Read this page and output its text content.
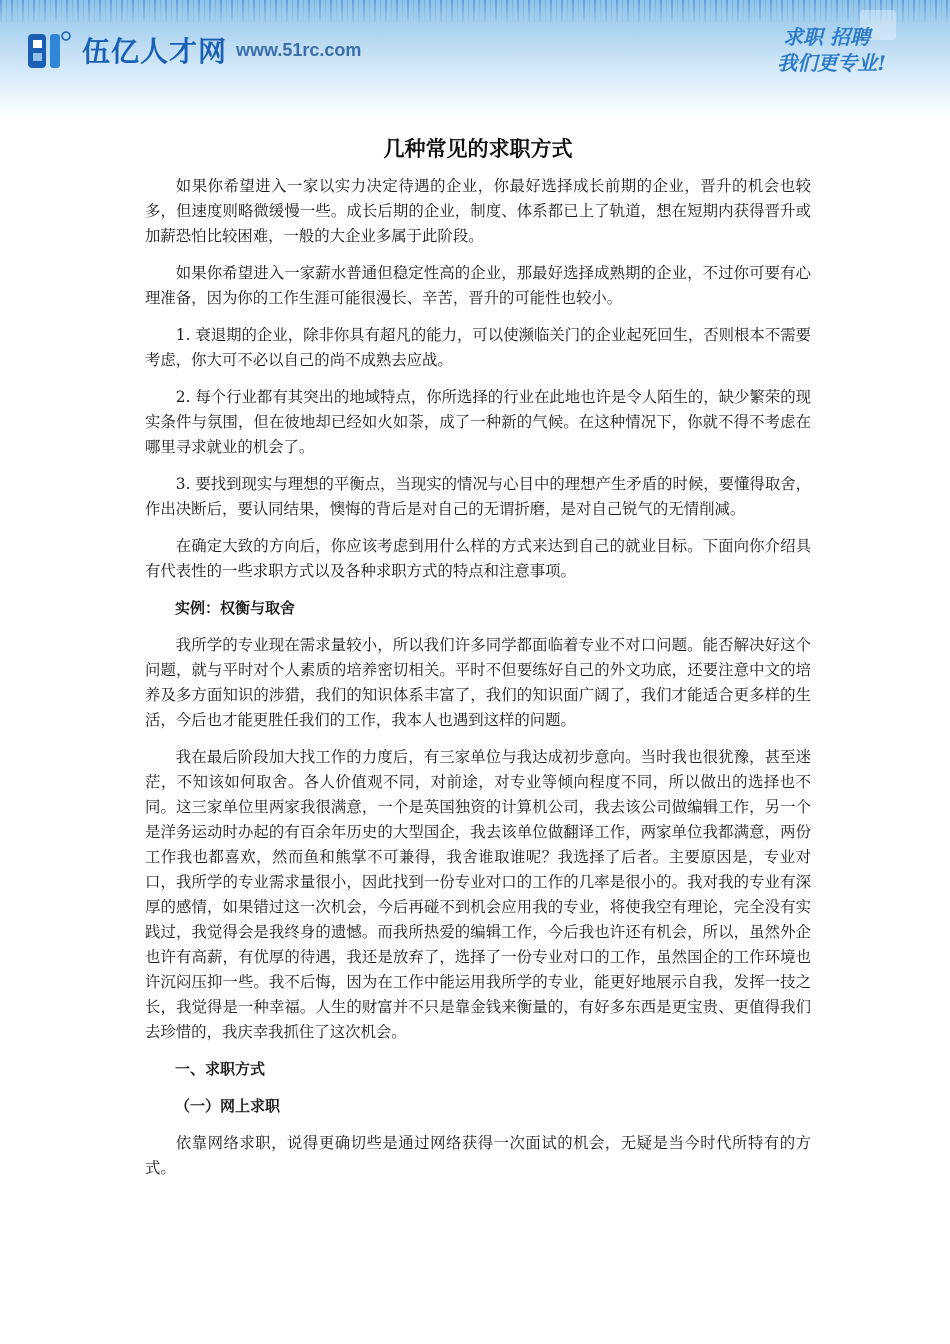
伍亿人才网 www.51rc.com
求职 招聘
我们更专业!
几种常见的求职方式

如果你希望进入一家以实力决定待遇的企业，你最好选择成长前期的企业，晋升的机会也较多，但速度则略微缓慢一些。成长后期的企业，制度、体系都已上了轨道，想在短期内获得晋升或加薪恐怕比较困难，一般的大企业多属于此阶段。

如果你希望进入一家薪水普通但稳定性高的企业，那最好选择成熟期的企业，不过你可要有心理准备，因为你的工作生涯可能很漫长、辛苦，晋升的可能性也较小。

1. 衰退期的企业，除非你具有超凡的能力，可以使濒临关门的企业起死回生，否则根本不需要考虑，你大可不必以自己的尚不成熟去应战。

2. 每个行业都有其突出的地域特点，你所选择的行业在此地也许是令人陌生的，缺少繁荣的现实条件与氛围，但在彼地却已经如火如荼，成了一种新的气候。在这种情况下，你就不得不考虑在哪里寻求就业的机会了。

3. 要找到现实与理想的平衡点，当现实的情况与心目中的理想产生矛盾的时候，要懂得取舍，作出决断后，要认同结果，懊悔的背后是对自己的无谓折磨，是对自己锐气的无情削减。

在确定大致的方向后，你应该考虑到用什么样的方式来达到自己的就业目标。下面向你介绍具有代表性的一些求职方式以及各种求职方式的特点和注意事项。

实例：权衡与取舍

我所学的专业现在需求量较小，所以我们许多同学都面临着专业不对口问题。能否解决好这个问题，就与平时对个人素质的培养密切相关。平时不但要练好自己的外文功底，还要注意中文的培养及多方面知识的涉猎，我们的知识体系丰富了，我们的知识面广阔了，我们才能适合更多样的生活，今后也才能更胜任我们的工作，我本人也遇到这样的问题。

我在最后阶段加大找工作的力度后，有三家单位与我达成初步意向。当时我也很犹豫，甚至迷茫，不知该如何取舍。各人价值观不同，对前途，对专业等倾向程度不同，所以做出的选择也不同。这三家单位里两家我很满意，一个是英国独资的计算机公司，我去该公司做编辑工作，另一个是洋务运动时办起的有百余年历史的大型国企，我去该单位做翻译工作，两家单位我都满意，两份工作我也都喜欢，然而鱼和熊掌不可兼得，我舍谁取谁呢？我选择了后者。主要原因是，专业对口，我所学的专业需求量很小，因此找到一份专业对口的工作的几率是很小的。我对我的专业有深厚的感情，如果错过这一次机会，今后再碰不到机会应用我的专业，将使我空有理论，完全没有实践过，我觉得会是我终身的遗憾。而我所热爱的编辑工作，今后我也许还有机会，所以，虽然外企也许有高薪，有优厚的待遇，我还是放弃了，选择了一份专业对口的工作，虽然国企的工作环境也许沉闷压抑一些。我不后悔，因为在工作中能运用我所学的专业，能更好地展示自我，发挥一技之长，我觉得是一种幸福。人生的财富并不只是靠金钱来衡量的，有好多东西是更宝贵、更值得我们去珍惜的，我庆幸我抓住了这次机会。

一、求职方式
（一）网上求职

依靠网络求职，说得更确切些是通过网络获得一次面试的机会，无疑是当今时代所特有的方式。
